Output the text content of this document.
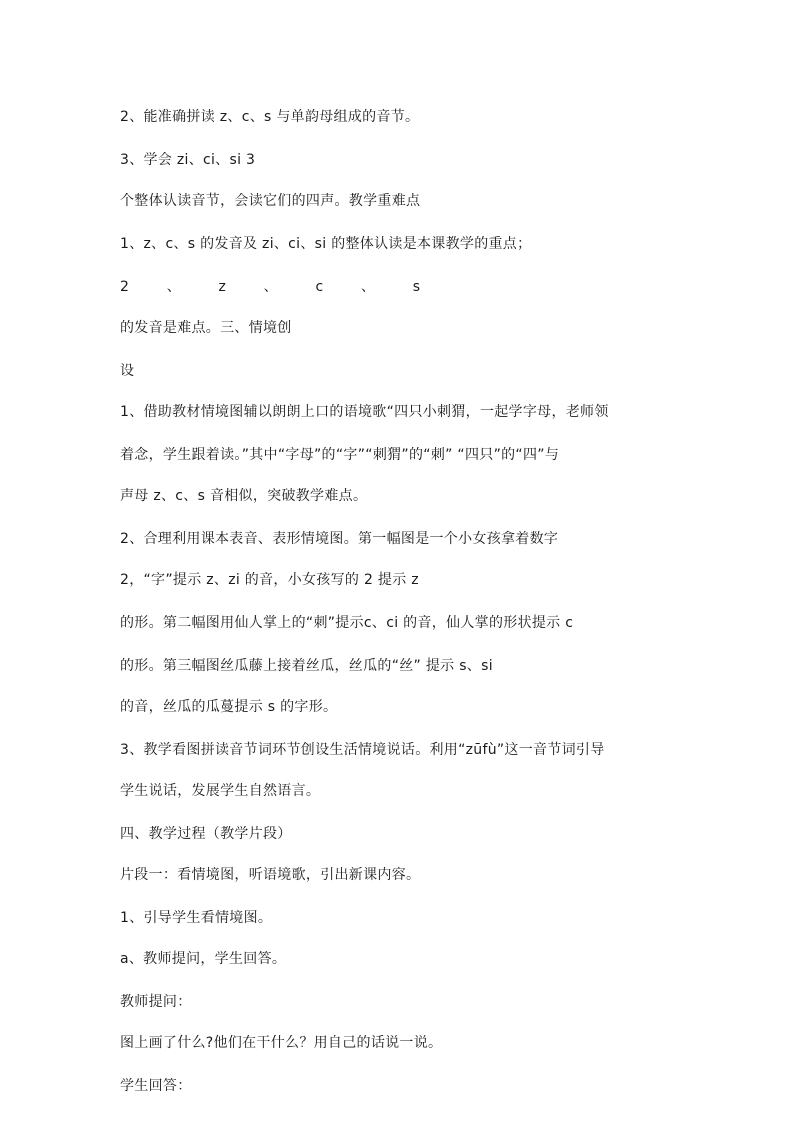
2、能准确拼读 z、c、s 与单韵母组成的音节。

3、学会 zi、ci、si 3

个整体认读音节，会读它们的四声。教学重难点

1、z、c、s 的发音及 zi、ci、si 的整体认读是本课教学的重点；

2  、  z  、  c  、  s

的发音是难点。三、情境创

设

1、借助教材情境图辅以朗朗上口的语境歌“四只小刺猬，一起学字母，老师领

着念，学生跟着读。”其中“字母”的“字”“刺猬”的“刺” “四只”的“四”与

声母 z、c、s 音相似，突破教学难点。

2、合理利用课本表音、表形情境图。第一幅图是一个小女孩拿着数字

2，“字”提示 z、zi 的音，小女孩写的 2 提示 z

的形。第二幅图用仙人掌上的“刺”提示c、ci 的音，仙人掌的形状提示 c

的形。第三幅图丝瓜藤上接着丝瓜，丝瓜的“丝” 提示 s、si

的音，丝瓜的瓜蔓提示 s 的字形。

3、教学看图拼读音节词环节创设生活情境说话。利用“zūfù”这一音节词引导

学生说话，发展学生自然语言。

四、教学过程（教学片段）

片段一：看情境图，听语境歌，引出新课内容。

1、引导学生看情境图。

a、教师提问，学生回答。

教师提问：

图上画了什么?他们在干什么？用自己的话说一说。

学生回答：
